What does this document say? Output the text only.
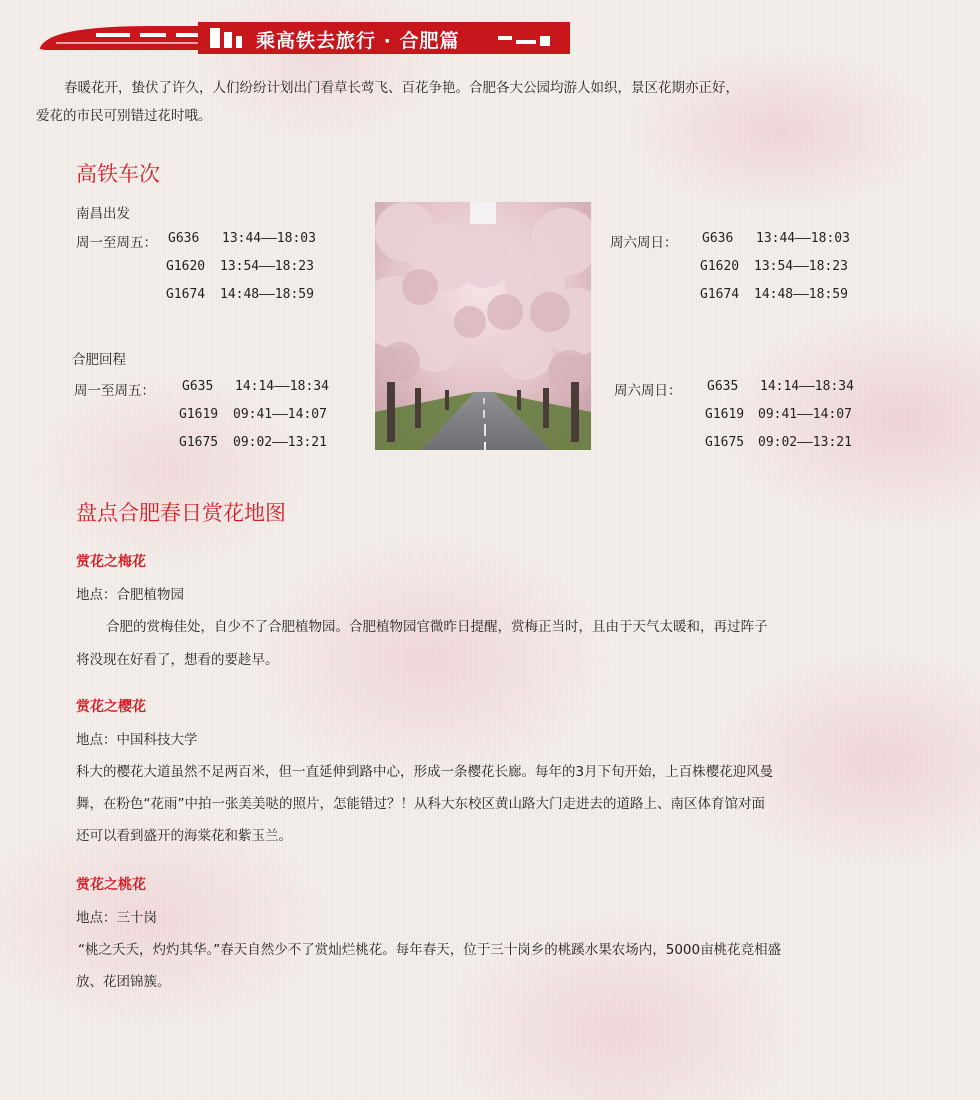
乘高铁去旅行 · 合肥篇
春暖花开，蛰伏了许久，人们纷纷计划出门看草长莺飞、百花争艳。合肥各大公园均游人如织，景区花期亦正好，
爱花的市民可别错过花时哦。
高铁车次
南昌出发
周一至周五： G636 13:44——18:03
G1620 13:54——18:23
G1674 14:48——18:59
周六周日： G636 13:44——18:03
G1620 13:54——18:23
G1674 14:48——18:59
合肥回程
周一至周五： G635 14:14——18:34
G1619 09:41——14:07
G1675 09:02——13:21
周六周日： G635 14:14——18:34
G1619 09:41——14:07
G1675 09:02——13:21
盘点合肥春日赏花地图
赏花之梅花
地点：合肥植物园
合肥的赏梅佳处，自少不了合肥植物园。合肥植物园官微昨日提醒，赏梅正当时，且由于天气太暖和，再过阵子
将没现在好看了，想看的要趁早。
赏花之樱花
地点：中国科技大学
科大的樱花大道虽然不足两百米，但一直延伸到路中心，形成一条樱花长廊。每年的3月下旬开始，上百株樱花迎风曼
舞，在粉色“花雨”中拍一张美美哒的照片，怎能错过？！从科大东校区黄山路大门走进去的道路上、南区体育馆对面
还可以看到盛开的海棠花和紫玉兰。
赏花之桃花
地点：三十岗
“桃之夭夭，灼灼其华。”春天自然少不了赏灿烂桃花。每年春天，位于三十岗乡的桃蹊水果农场内，5000亩桃花竞相盛
放、花团锦簇。
